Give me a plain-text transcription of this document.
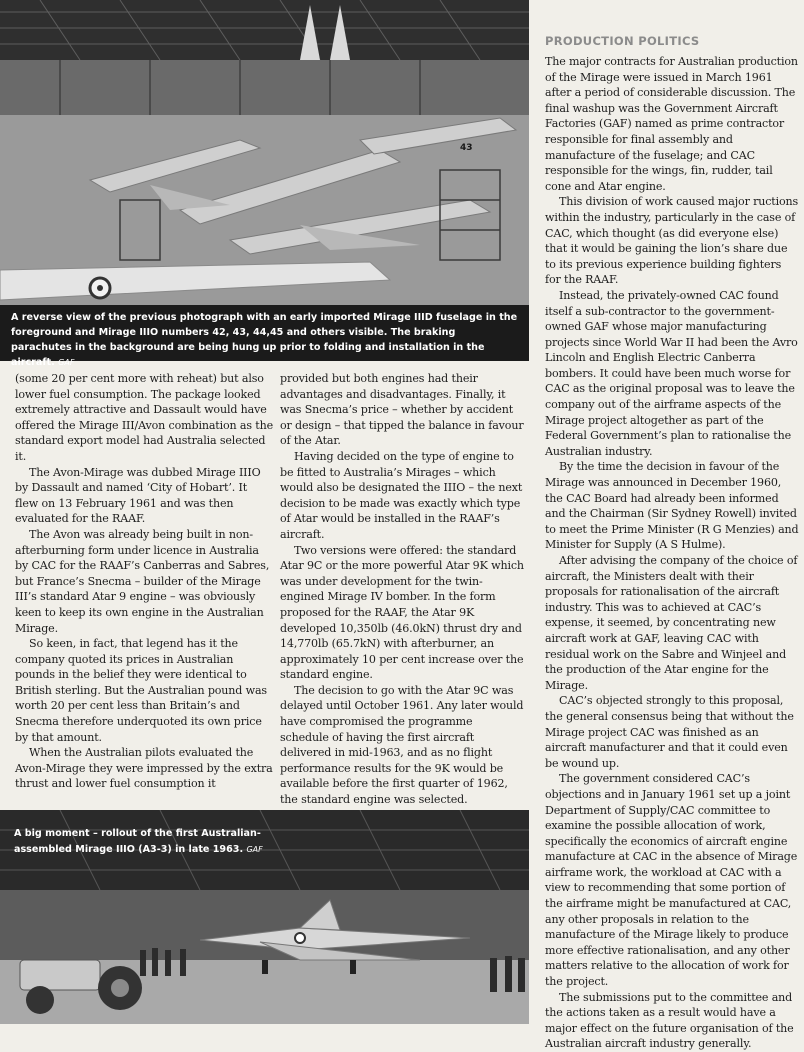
43
A reverse view of the previous photograph with an early imported Mirage IIID fuselage in the foreground and Mirage IIIO numbers 42, 43, 44,45 and others visible. The braking parachutes in the background are being hung up prior to folding and installation in the aircraft. GAF

(some 20 per cent more with reheat) but also lower fuel consumption. The package looked extremely attractive and Dassault would have offered the Mirage III/Avon combination as the standard export model had Australia selected it.

The Avon-Mirage was dubbed Mirage IIIO by Dassault and named ‘City of Hobart’. It flew on 13 February 1961 and was then evaluated for the RAAF.

The Avon was already being built in non-afterburning form under licence in Australia by CAC for the RAAF’s Canberras and Sabres, but France’s Snecma – builder of the Mirage III’s standard Atar 9 engine – was obviously keen to keep its own engine in the Australian Mirage.

So keen, in fact, that legend has it the company quoted its prices in Australian pounds in the belief they were identical to British sterling. But the Australian pound was worth 20 per cent less than Britain’s and Snecma therefore underquoted its own price by that amount.

When the Australian pilots evaluated the Avon-Mirage they were impressed by the extra thrust and lower fuel consumption it

provided but both engines had their advantages and disadvantages. Finally, it was Snecma’s price – whether by accident or design – that tipped the balance in favour of the Atar.

Having decided on the type of engine to be fitted to Australia’s Mirages – which would also be designated the IIIO – the next decision to be made was exactly which type of Atar would be installed in the RAAF’s aircraft.

Two versions were offered: the standard Atar 9C or the more powerful Atar 9K which was under development for the twin-engined Mirage IV bomber. In the form proposed for the RAAF, the Atar 9K developed 10,350lb (46.0kN) thrust dry and 14,770lb (65.7kN) with afterburner, an approximately 10 per cent increase over the standard engine.

The decision to go with the Atar 9C was delayed until October 1961. Any later would have compromised the programme schedule of having the first aircraft delivered in mid-1963, and as no flight performance results for the 9K would be available before the first quarter of 1962, the standard engine was selected.

PRODUCTION POLITICS

The major contracts for Australian production of the Mirage were issued in March 1961 after a period of considerable discussion. The final washup was the Government Aircraft Factories (GAF) named as prime contractor responsible for final assembly and manufacture of the fuselage; and CAC responsible for the wings, fin, rudder, tail cone and Atar engine.

This division of work caused major ructions within the industry, particularly in the case of CAC, which thought (as did everyone else) that it would be gaining the lion’s share due to its previous experience building fighters for the RAAF.

Instead, the privately-owned CAC found itself a sub-contractor to the government-owned GAF whose major manufacturing projects since World War II had been the Avro Lincoln and English Electric Canberra bombers. It could have been much worse for CAC as the original proposal was to leave the company out of the airframe aspects of the Mirage project altogether as part of the Federal Government’s plan to rationalise the Australian industry.

By the time the decision in favour of the Mirage was announced in December 1960, the CAC Board had already been informed and the Chairman (Sir Sydney Rowell) invited to meet the Prime Minister (R G Menzies) and Minister for Supply (A S Hulme).

After advising the company of the choice of aircraft, the Ministers dealt with their proposals for rationalisation of the aircraft industry. This was to achieved at CAC’s expense, it seemed, by concentrating new aircraft work at GAF, leaving CAC with residual work on the Sabre and Winjeel and the production of the Atar engine for the Mirage.

CAC’s objected strongly to this proposal, the general consensus being that without the Mirage project CAC was finished as an aircraft manufacturer and that it could even be wound up.

The government considered CAC’s objections and in January 1961 set up a joint Department of Supply/CAC committee to examine the possible allocation of work, specifically the economics of aircraft engine manufacture at CAC in the absence of Mirage airframe work, the workload at CAC with a view to recommending that some portion of the airframe might be manufactured at CAC, any other proposals in relation to the manufacture of the Mirage likely to produce more effective rationalisation, and any other matters relative to the allocation of work for the project.

The submissions put to the committee and the actions taken as a result would have a major effect on the future organisation of the Australian aircraft industry generally.

A big moment – rollout of the first Australian-assembled Mirage IIIO (A3-3) in late 1963. GAF
